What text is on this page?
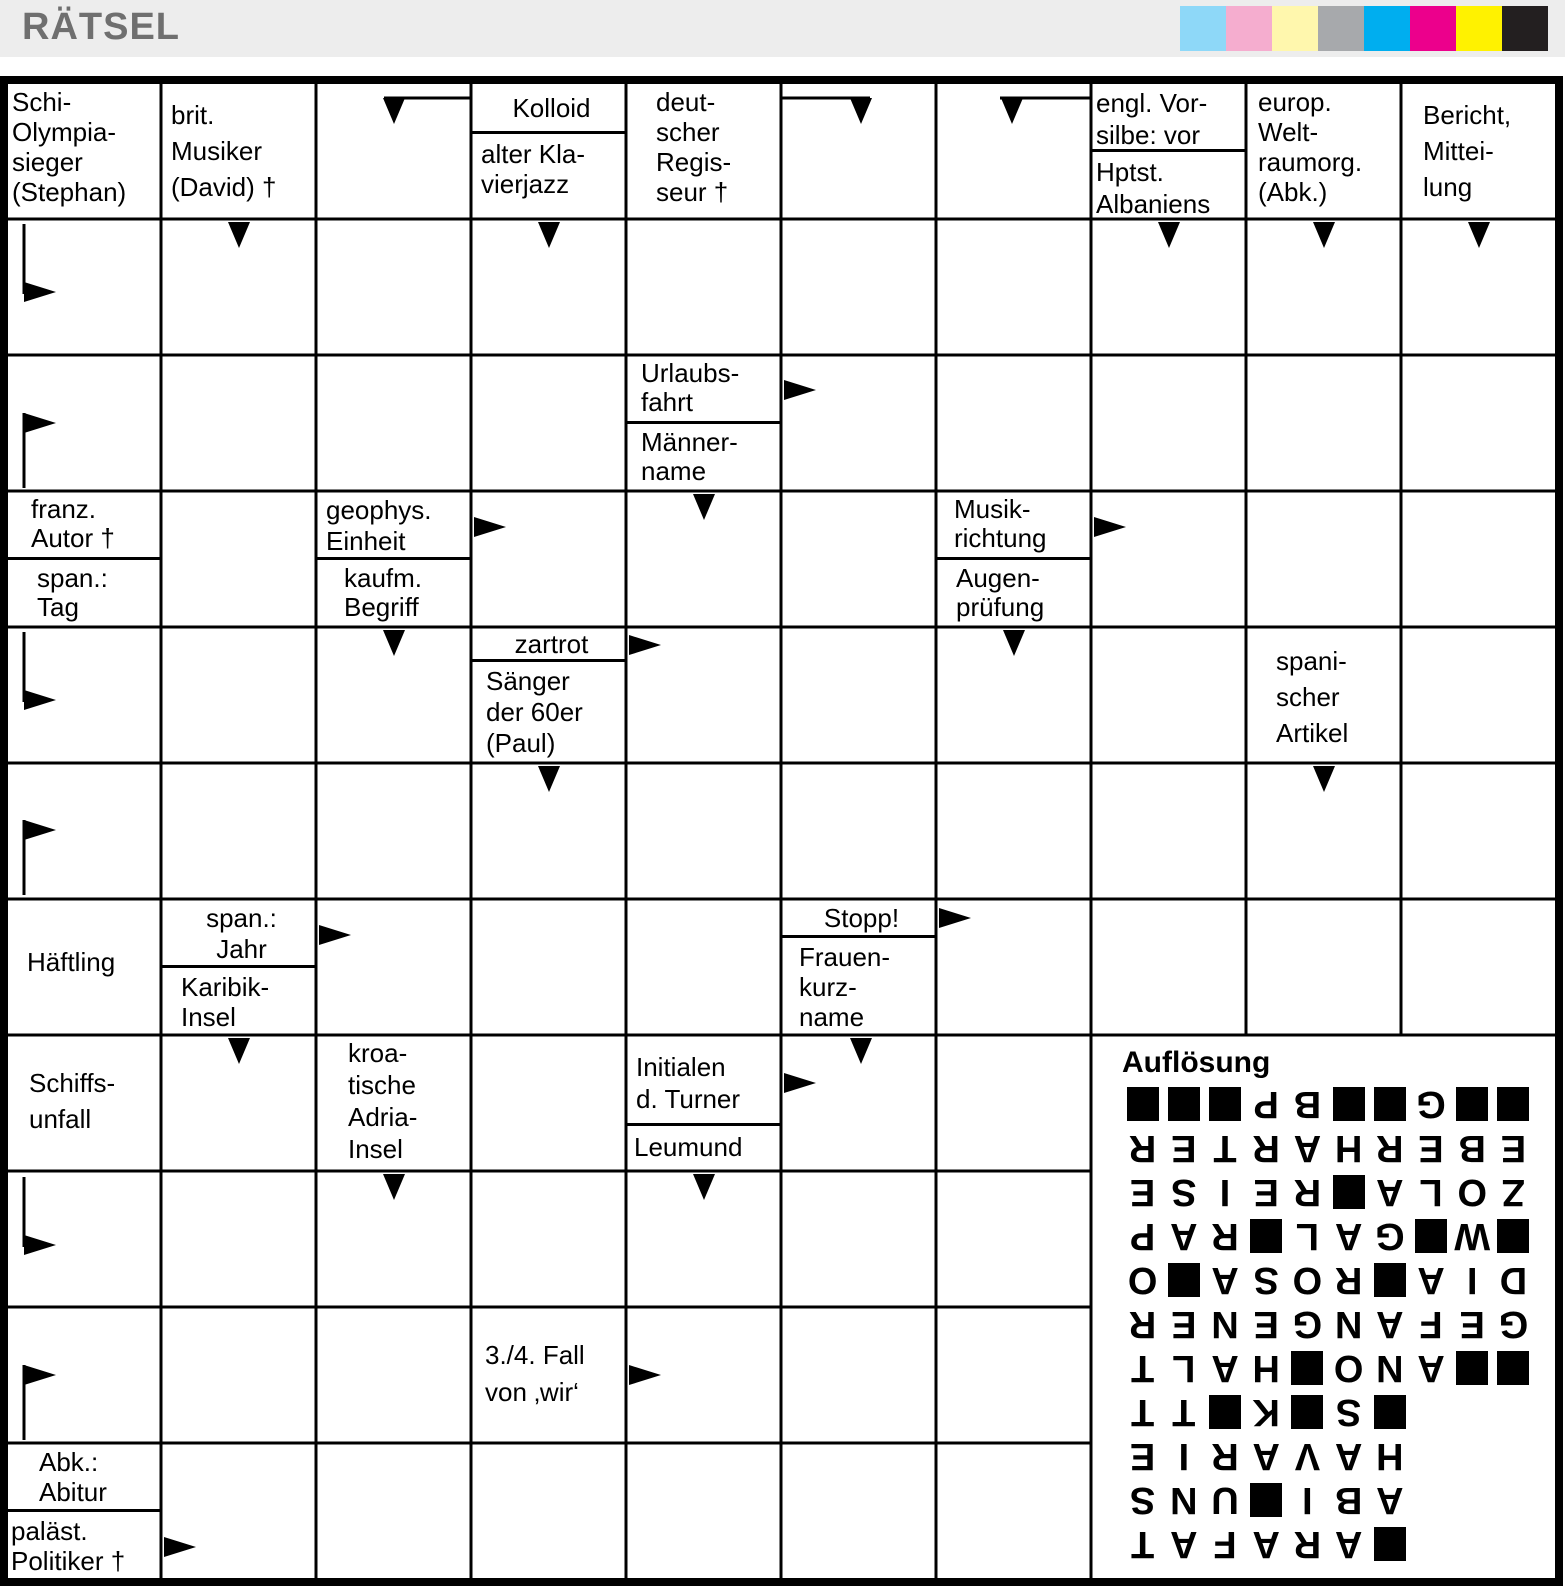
RÄTSEL
Schi-
Olympia-
sieger
(Stephan)
brit.
Musiker
(David) †
Kolloid
alter Kla-
vierjazz
deut-
scher
Regis-
seur †
engl. Vor-
silbe: vor
Hptst.
Albaniens
europ.
Welt-
raumorg.
(Abk.)
Bericht,
Mittei-
lung
Urlaubs-
fahrt
Männer-
name
franz.
Autor †
span.:
Tag
geophys.
Einheit
kaufm.
Begriff
Musik-
richtung
Augen-
prüfung
zartrot
Sänger
der 60er
(Paul)
spani-
scher
Artikel
Häftling
span.:
Jahr
Karibik-
Insel
Stopp!
Frauen-
kurz-
name
Schiffs-
unfall
kroa-
tische
Adria-
Insel
Initialen
d. Turner
Leumund
3./4. Fall
von ‚wir‘
Abk.:
Abitur
paläst.
Politiker †
Auflösung
A
R
A
F
A
T
A
B
I
U
N
S
H
A
V
A
R
I
E
S
K
T
T
A
N
O
H
A
L
T
G
E
F
A
N
G
E
N
E
R
D
I
A
R
O
S
A
O
W
G
A
L
R
A
P
Z
O
L
A
R
E
I
S
E
E
B
E
R
H
A
R
T
E
R
G
B
P
